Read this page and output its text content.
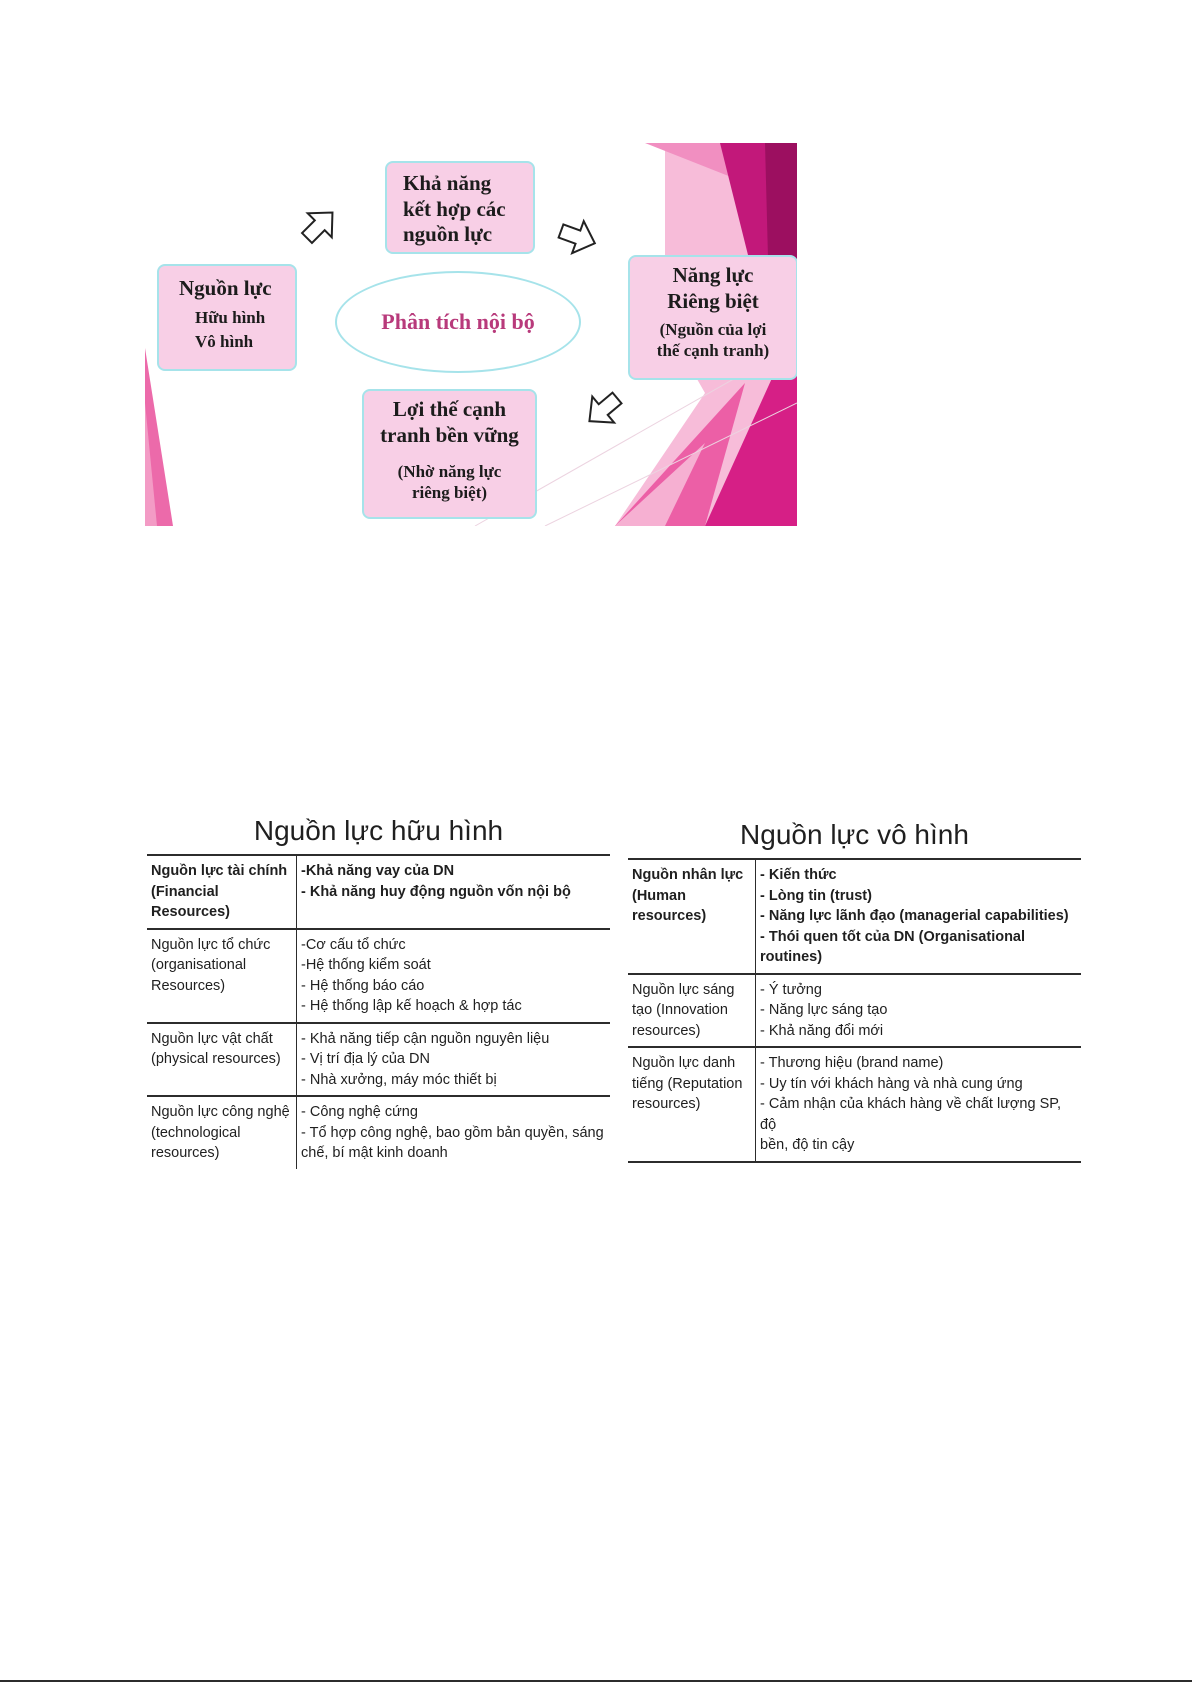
Phân tích nội bộ
Nguồn lực
Hữu hình
Vô hình
Khả năng
kết hợp các
nguồn lực
Năng lực
Riêng biệt
(Nguồn của lợi
thế cạnh tranh)
Lợi thế cạnh
tranh bền vững
(Nhờ năng lực
riêng biệt)
Nguồn lực hữu hình
Nguồn lực tài chính
(Financial Resources)	-Khả năng vay của DN
- Khả năng huy động nguồn vốn nội bộ

Nguồn lực tổ chức
(organisational
Resources)	-Cơ cấu tổ chức
-Hệ thống kiểm soát
- Hệ thống báo cáo
- Hệ thống lập kế hoạch & hợp tác

Nguồn lực vật chất
(physical resources)	- Khả năng tiếp cận nguồn nguyên liệu
- Vị trí địa lý của DN
- Nhà xưởng, máy móc thiết bị

Nguồn lực công nghệ
(technological
resources)	- Công nghệ cứng
- Tổ hợp công nghệ, bao gồm bản quyền, sáng
chế, bí mật kinh doanh
Nguồn lực vô hình
Nguồn nhân lực
(Human
resources)	- Kiến thức
- Lòng tin (trust)
- Năng lực lãnh đạo (managerial capabilities)
- Thói quen tốt của DN (Organisational
routines)

Nguồn lực sáng
tạo (Innovation
resources)	- Ý tưởng
- Năng lực sáng tạo
- Khả năng đổi mới

Nguồn lực danh
tiếng (Reputation
resources)	- Thương hiệu (brand name)
- Uy tín với khách hàng và nhà cung ứng
- Cảm nhận của khách hàng về chất lượng SP, độ
bền, độ tin cậy
